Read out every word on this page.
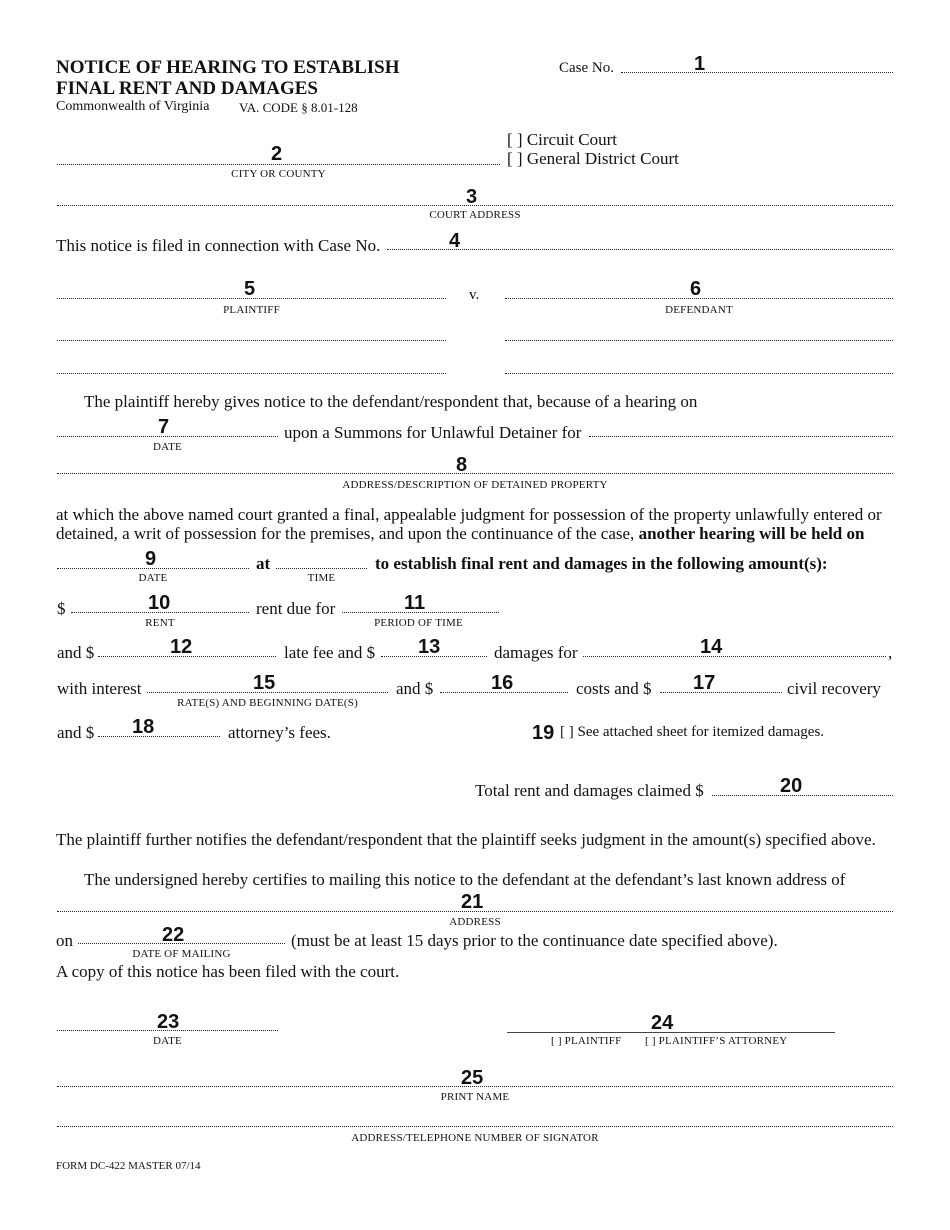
NOTICE OF HEARING TO ESTABLISH
FINAL RENT AND DAMAGES
Commonwealth of Virginia VA. CODE § 8.01-128
Case No.	1
[ ] Circuit Court
[ ] General District Court
2
CITY OR COUNTY
3
COURT ADDRESS
This notice is filed in connection with Case No.	4
5
PLAINTIFF
v.	6
DEFENDANT
The plaintiff hereby gives notice to the defendant/respondent that, because of a hearing on
7
DATE
upon a Summons for Unlawful Detainer for
8
ADDRESS/DESCRIPTION OF DETAINED PROPERTY
at which the above named court granted a final, appealable judgment for possession of the property unlawfully entered or
detained, a writ of possession for the premises, and upon the continuance of the case, another hearing will be held on
9
DATE
at
TIME
to establish final rent and damages in the following amount(s):
$	10
RENT
rent due for	11
PERIOD OF TIME
and $	12	late fee and $ 13	damages for	14	,
with interest	15
RATE(S) AND BEGINNING DATE(S)
and $	16	costs and $ 17	civil recovery
and $ 18	attorney’s fees.	19 [ ] See attached sheet for itemized damages.
Total rent and damages claimed $	20
The plaintiff further notifies the defendant/respondent that the plaintiff seeks judgment in the amount(s) specified above.
The undersigned hereby certifies to mailing this notice to the defendant at the defendant’s last known address of
21
ADDRESS
on	22
DATE OF MAILING
(must be at least 15 days prior to the continuance date specified above).
A copy of this notice has been filed with the court.
23
DATE
24
[ ] PLAINTIFF [ ] PLAINTIFF’S ATTORNEY
25
PRINT NAME
ADDRESS/TELEPHONE NUMBER OF SIGNATOR
FORM DC-422 MASTER 07/14
